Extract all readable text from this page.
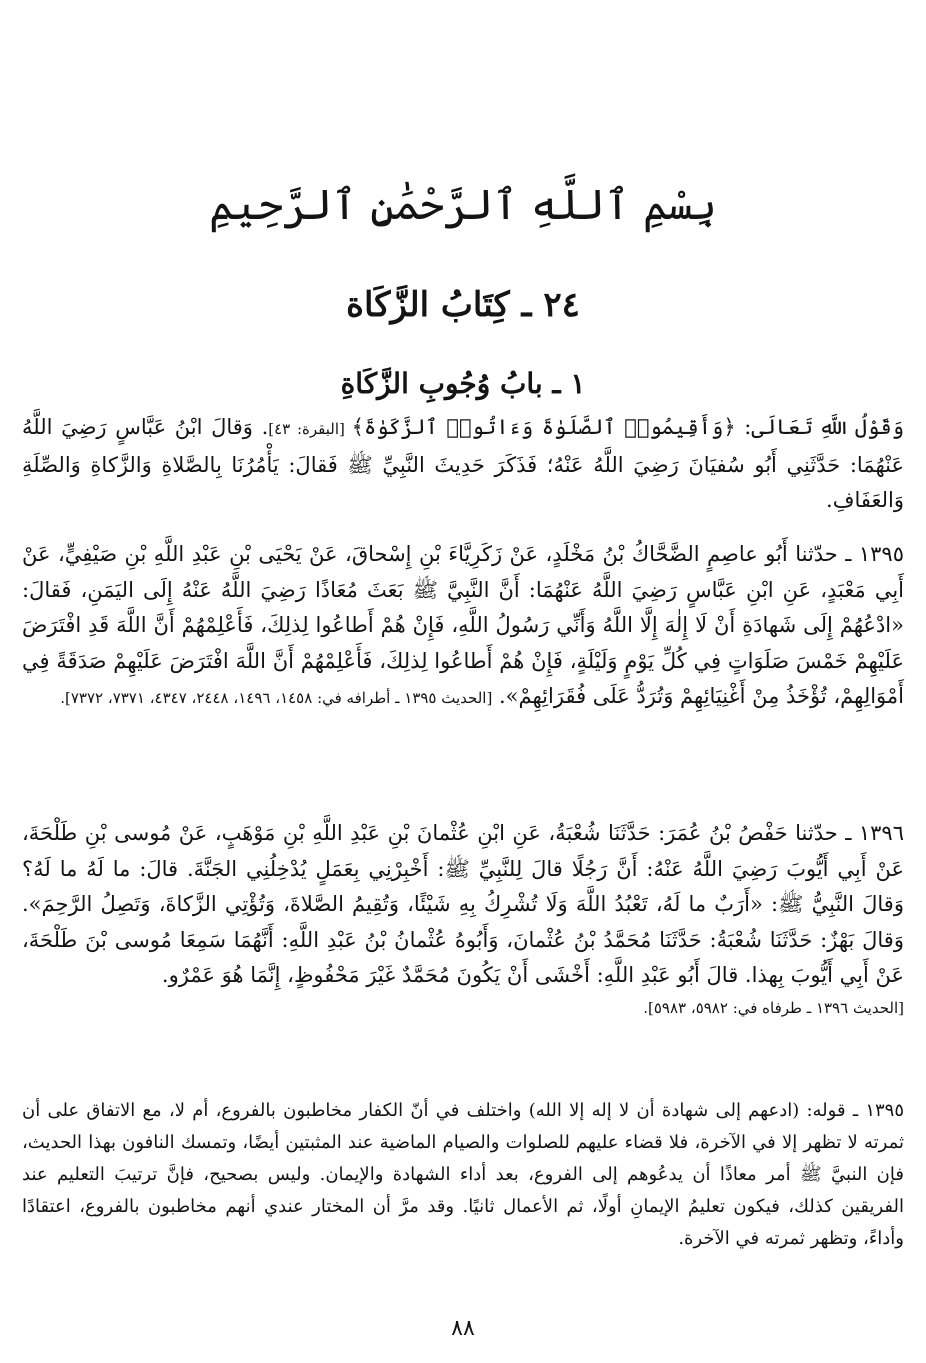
بِسْمِ ٱللَّهِ ٱلرَّحْمَٰنِ ٱلرَّحِيمِ
٢٤ ـ كِتَابُ الزَّكَاة
١ ـ بابُ وُجُوبِ الزَّكَاةِ

وَقَوْلُ اللَّهِ تَعَالَى: ﴿وَأَقِيمُوا۟ ٱلصَّلَوٰةَ وَءَاتُوا۟ ٱلزَّكَوٰةَ﴾ [البقرة: ٤٣]. وَقالَ ابْنُ عَبَّاسٍ رَضِيَ اللَّهُ عَنْهُمَا: حَدَّثَنِي أَبُو سُفيَانَ رَضِيَ اللَّهُ عَنْهُ؛ فَذَكَرَ حَدِيثَ النَّبِيِّ ﷺ فَقالَ: يَأْمُرُنَا بِالصَّلاةِ وَالزَّكاةِ وَالصِّلَةِ وَالعَفَافِ.

١٣٩٥ ـ حدّثنا أَبُو عاصِمٍ الضَّحَّاكُ بْنُ مَخْلَدٍ، عَنْ زَكَرِيَّاءَ بْنِ إِسْحاقَ، عَنْ يَحْيَى بْنِ عَبْدِ اللَّهِ بْنِ صَيْفِيٍّ، عَنْ أَبِي مَعْبَدٍ، عَنِ ابْنِ عَبَّاسٍ رَضِيَ اللَّهُ عَنْهُمَا: أَنَّ النَّبِيَّ ﷺ بَعَثَ مُعَاذًا رَضِيَ اللَّهُ عَنْهُ إِلَى اليَمَنِ، فَقالَ: «ادْعُهُمْ إِلَى شَهادَةِ أَنْ لَا إِلٰهَ إِلَّا اللَّهُ وَأَنِّي رَسُولُ اللَّهِ، فَإِنْ هُمْ أَطاعُوا لِذلِكَ، فَأَعْلِمْهُمْ أَنَّ اللَّهَ قَدِ افْتَرَضَ عَلَيْهِمْ خَمْسَ صَلَوَاتٍ فِي كُلِّ يَوْمٍ وَلَيْلَةٍ، فَإِنْ هُمْ أَطاعُوا لِذلِكَ، فَأَعْلِمْهُمْ أَنَّ اللَّهَ افْتَرَضَ عَلَيْهِمْ صَدَقَةً فِي أَمْوَالِهِمْ، تُؤْخَذُ مِنْ أَغْنِيَائِهِمْ وَتُرَدُّ عَلَى فُقَرَائِهِمْ». [الحديث ١٣٩٥ ـ أطرافه في: ١٤٥٨، ١٤٩٦، ٢٤٤٨، ٤٣٤٧، ٧٣٧١، ٧٣٧٢].

١٣٩٦ ـ حدّثنا حَفْصُ بْنُ عُمَرَ: حَدَّثَنَا شُعْبَةُ، عَنِ ابْنِ عُثْمانَ بْنِ عَبْدِ اللَّهِ بْنِ مَوْهَبٍ، عَنْ مُوسى بْنِ طَلْحَةَ، عَنْ أَبِي أَيُّوبَ رَضِيَ اللَّهُ عَنْهُ: أَنَّ رَجُلًا قالَ لِلنَّبِيِّ ﷺ: أَخْبِرْنِي بِعَمَلٍ يُدْخِلُنِي الجَنَّةَ. قالَ: ما لَهُ ما لَهُ؟ وَقالَ النَّبِيُّ ﷺ: «أَرَبٌ ما لَهُ، تَعْبُدُ اللَّهَ وَلَا تُشْرِكُ بِهِ شَيْئًا، وَتُقِيمُ الصَّلاةَ، وَتُؤْتِي الزَّكاةَ، وَتَصِلُ الرَّحِمَ». وَقالَ بَهْزٌ: حَدَّثَنَا شُعْبَةُ: حَدَّثَنَا مُحَمَّدُ بْنُ عُثْمانَ، وَأَبُوهُ عُثْمانُ بْنُ عَبْدِ اللَّهِ: أَنَّهُمَا سَمِعَا مُوسى بْنَ طَلْحَةَ، عَنْ أَبِي أَيُّوبَ بِهذا. قالَ أَبُو عَبْدِ اللَّهِ: أَخْشَى أَنْ يَكُونَ مُحَمَّدٌ غَيْرَ مَحْفُوظٍ، إِنَّمَا هُوَ عَمْرٌو.

[الحديث ١٣٩٦ ـ طرفاه في: ٥٩٨٢، ٥٩٨٣].

١٣٩٥ ـ قوله: (ادعهم إلى شهادة أن لا إله إلا الله) واختلف في أنّ الكفار مخاطبون بالفروع، أم لا، مع الاتفاق على أن ثمرته لا تظهر إلا في الآخرة، فلا قضاء عليهم للصلوات والصيام الماضية عند المثبتين أيضًا، وتمسك النافون بهذا الحديث، فإن النبيَّ ﷺ أمر معاذًا أن يدعُوهم إلى الفروع، بعد أداء الشهادة والإيمان. وليس بصحيح، فإنَّ ترتيبَ التعليم عند الفريقين كذلك، فيكون تعليمُ الإيمانِ أولًا، ثم الأعمال ثانيًا. وقد مرَّ أن المختار عندي أنهم مخاطبون بالفروع، اعتقادًا وأداءً، وتظهر ثمرته في الآخرة.

٨٨
